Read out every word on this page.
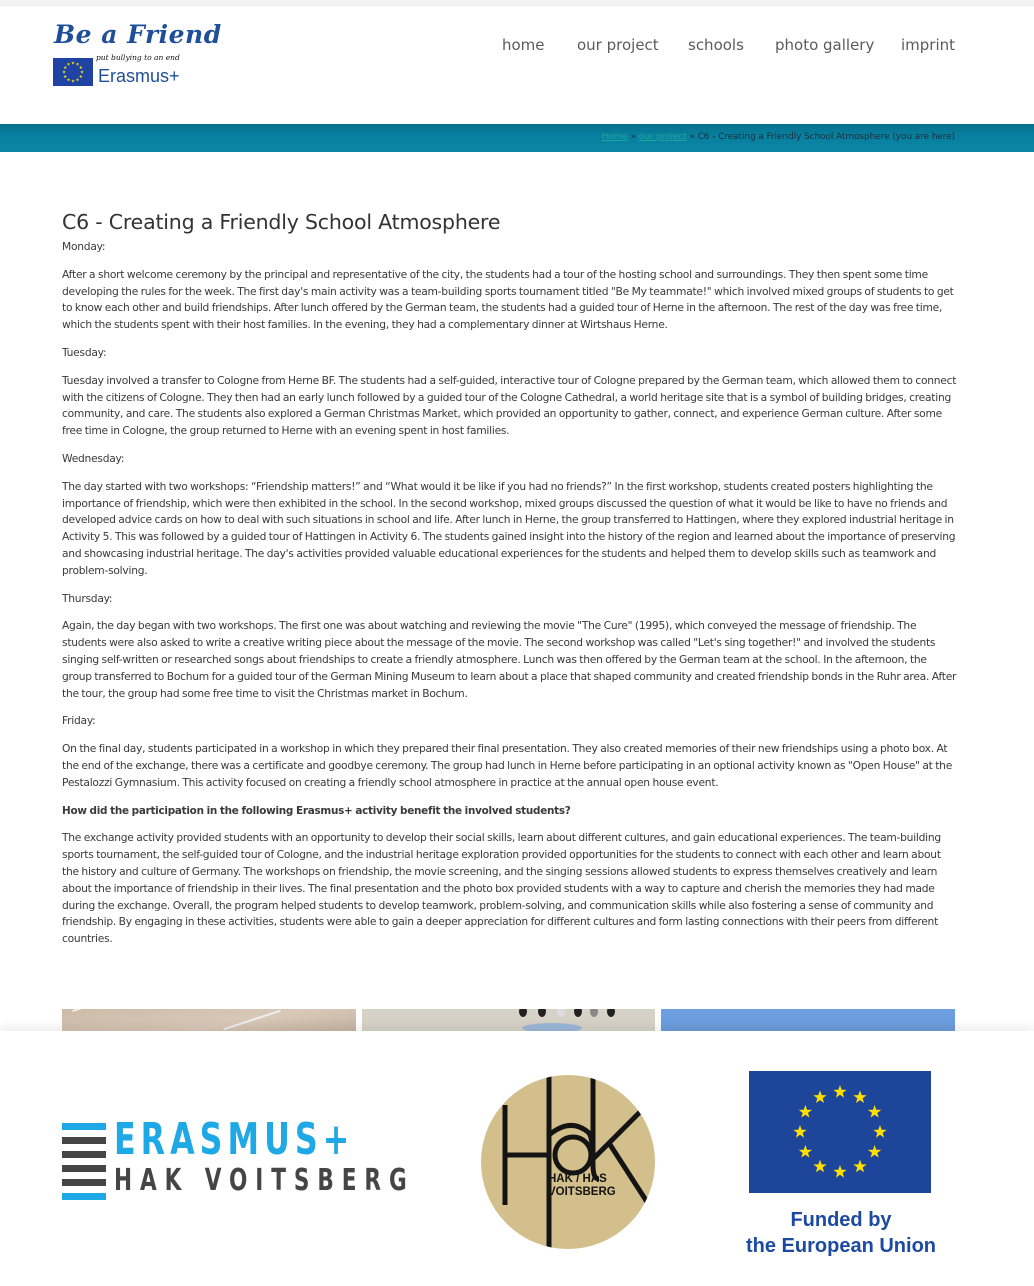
Be a Friend
put bullying to an end
Erasmus+
home our project schools photo gallery imprint
Home » our project » C6 - Creating a Friendly School Atmosphere (you are here)
C6 - Creating a Friendly School Atmosphere

Monday:

After a short welcome ceremony by the principal and representative of the city, the students had a tour of the hosting school and surroundings. They then spent some time developing the rules for the week. The first day's main activity was a team-building sports tournament titled "Be My teammate!" which involved mixed groups of students to get to know each other and build friendships. After lunch offered by the German team, the students had a guided tour of Herne in the afternoon. The rest of the day was free time, which the students spent with their host families. In the evening, they had a complementary dinner at Wirtshaus Herne.

Tuesday:

Tuesday involved a transfer to Cologne from Herne BF. The students had a self-guided, interactive tour of Cologne prepared by the German team, which allowed them to connect with the citizens of Cologne. They then had an early lunch followed by a guided tour of the Cologne Cathedral, a world heritage site that is a symbol of building bridges, creating community, and care. The students also explored a German Christmas Market, which provided an opportunity to gather, connect, and experience German culture. After some free time in Cologne, the group returned to Herne with an evening spent in host families.

Wednesday:

The day started with two workshops: “Friendship matters!” and “What would it be like if you had no friends?” In the first workshop, students created posters highlighting the importance of friendship, which were then exhibited in the school. In the second workshop, mixed groups discussed the question of what it would be like to have no friends and developed advice cards on how to deal with such situations in school and life. After lunch in Herne, the group transferred to Hattingen, where they explored industrial heritage in Activity 5. This was followed by a guided tour of Hattingen in Activity 6. The students gained insight into the history of the region and learned about the importance of preserving and showcasing industrial heritage. The day's activities provided valuable educational experiences for the students and helped them to develop skills such as teamwork and problem-solving.

Thursday:

Again, the day began with two workshops. The first one was about watching and reviewing the movie "The Cure" (1995), which conveyed the message of friendship. The students were also asked to write a creative writing piece about the message of the movie. The second workshop was called "Let's sing together!" and involved the students singing self-written or researched songs about friendships to create a friendly atmosphere. Lunch was then offered by the German team at the school. In the afternoon, the group transferred to Bochum for a guided tour of the German Mining Museum to learn about a place that shaped community and created friendship bonds in the Ruhr area. After the tour, the group had some free time to visit the Christmas market in Bochum.

Friday:

On the final day, students participated in a workshop in which they prepared their final presentation. They also created memories of their new friendships using a photo box. At the end of the exchange, there was a certificate and goodbye ceremony. The group had lunch in Herne before participating in an optional activity known as "Open House" at the Pestalozzi Gymnasium. This activity focused on creating a friendly school atmosphere in practice at the annual open house event.

How did the participation in the following Erasmus+ activity benefit the involved students?

The exchange activity provided students with an opportunity to develop their social skills, learn about different cultures, and gain educational experiences. The team-building sports tournament, the self-guided tour of Cologne, and the industrial heritage exploration provided opportunities for the students to connect with each other and learn about the history and culture of Germany. The workshops on friendship, the movie screening, and the singing sessions allowed students to express themselves creatively and learn about the importance of friendship in their lives. The final presentation and the photo box provided students with a way to capture and cherish the memories they had made during the exchange. Overall, the program helped students to develop teamwork, problem-solving, and communication skills while also fostering a sense of community and friendship. By engaging in these activities, students were able to gain a deeper appreciation for different cultures and form lasting connections with their peers from different countries.

ERASMUS+
HAK VOITSBERG	HAK / HAS
VOITSBERG
Funded by
the European Union
